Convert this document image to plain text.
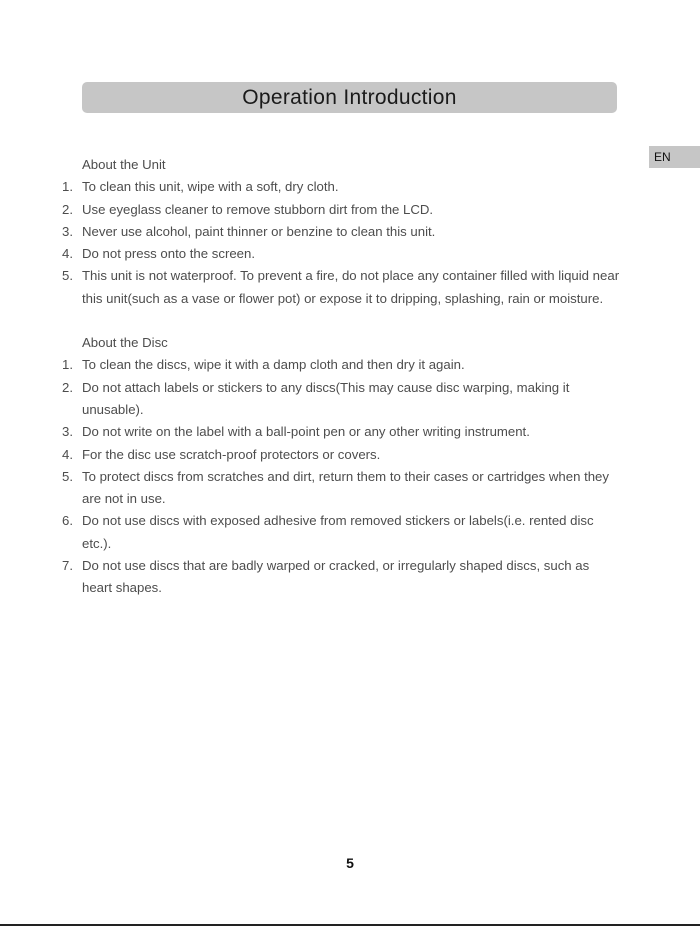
Operation Introduction
EN

About the Unit

1. To clean this unit, wipe with a soft, dry cloth.
2. Use eyeglass cleaner to remove stubborn dirt from the LCD.
3. Never use alcohol, paint thinner or benzine to clean this unit.
4. Do not press onto the screen.
5. This unit is not waterproof. To prevent a fire, do not place any container filled with liquid near this unit(such as a vase or flower pot) or expose it to dripping, splashing, rain or moisture.

About the Disc

1. To clean the discs, wipe it with a damp cloth and then dry it again.
2. Do not attach labels or stickers to any discs(This may cause disc warping, making it unusable).
3. Do not write on the label with a ball-point pen or any other writing instrument.
4. For the disc use scratch-proof protectors or covers.
5. To protect discs from scratches and dirt, return them to their cases or cartridges when they are not in use.
6. Do not use discs with exposed adhesive from removed stickers or labels(i.e. rented disc etc.).
7. Do not use discs that are badly warped or cracked, or irregularly shaped discs, such as heart shapes.
5
